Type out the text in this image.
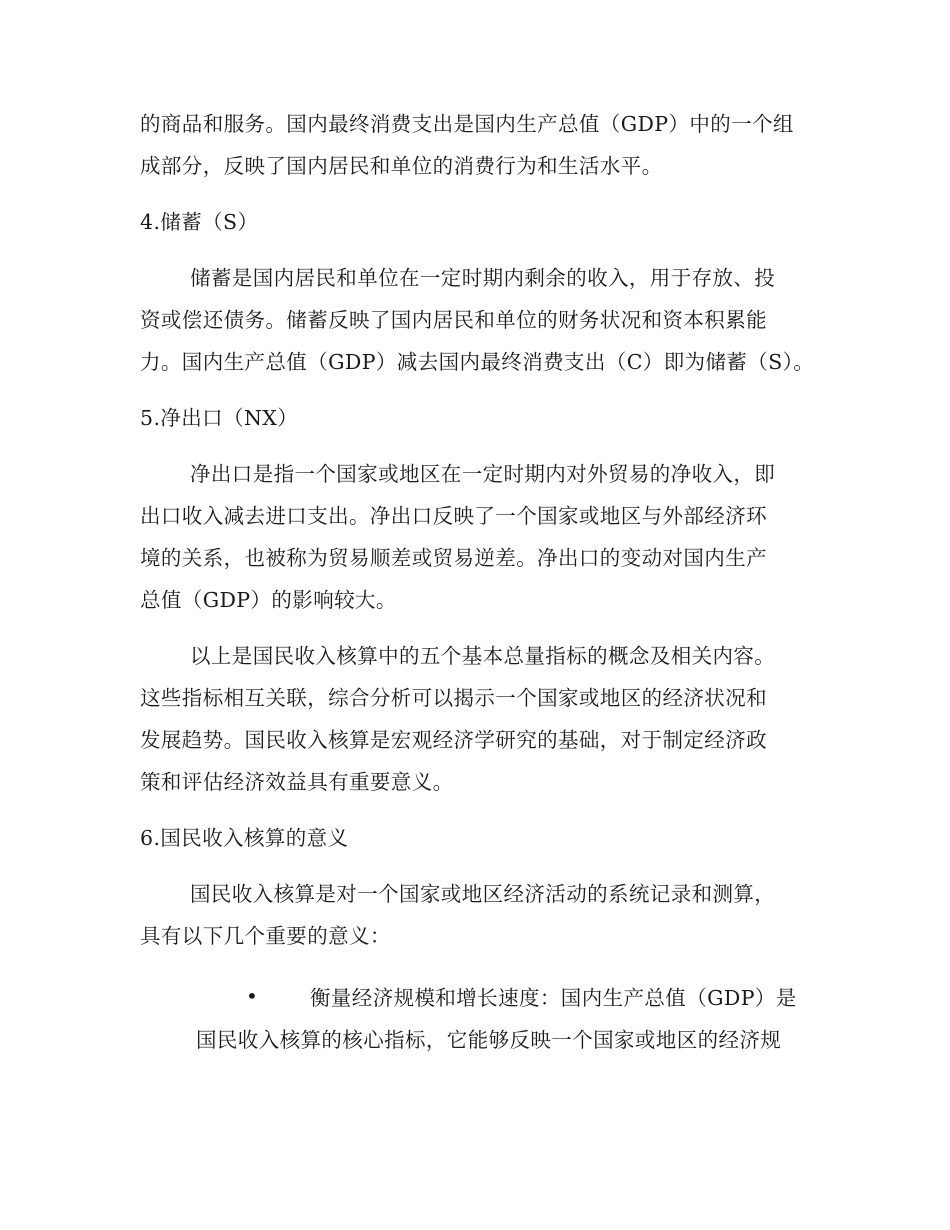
的商品和服务。国内最终消费支出是国内生产总值（GDP）中的一个组
成部分，反映了国内居民和单位的消费行为和生活水平。
4.储蓄（S）
储蓄是国内居民和单位在一定时期内剩余的收入，用于存放、投
资或偿还债务。储蓄反映了国内居民和单位的财务状况和资本积累能
力。国内生产总值（GDP）减去国内最终消费支出（C）即为储蓄（S）。
5.净出口（NX）
净出口是指一个国家或地区在一定时期内对外贸易的净收入，即
出口收入减去进口支出。净出口反映了一个国家或地区与外部经济环
境的关系，也被称为贸易顺差或贸易逆差。净出口的变动对国内生产
总值（GDP）的影响较大。
以上是国民收入核算中的五个基本总量指标的概念及相关内容。
这些指标相互关联，综合分析可以揭示一个国家或地区的经济状况和
发展趋势。国民收入核算是宏观经济学研究的基础，对于制定经济政
策和评估经济效益具有重要意义。
6.国民收入核算的意义
国民收入核算是对一个国家或地区经济活动的系统记录和测算，
具有以下几个重要的意义：
•	衡量经济规模和增长速度：国内生产总值（GDP）是
国民收入核算的核心指标，它能够反映一个国家或地区的经济规
